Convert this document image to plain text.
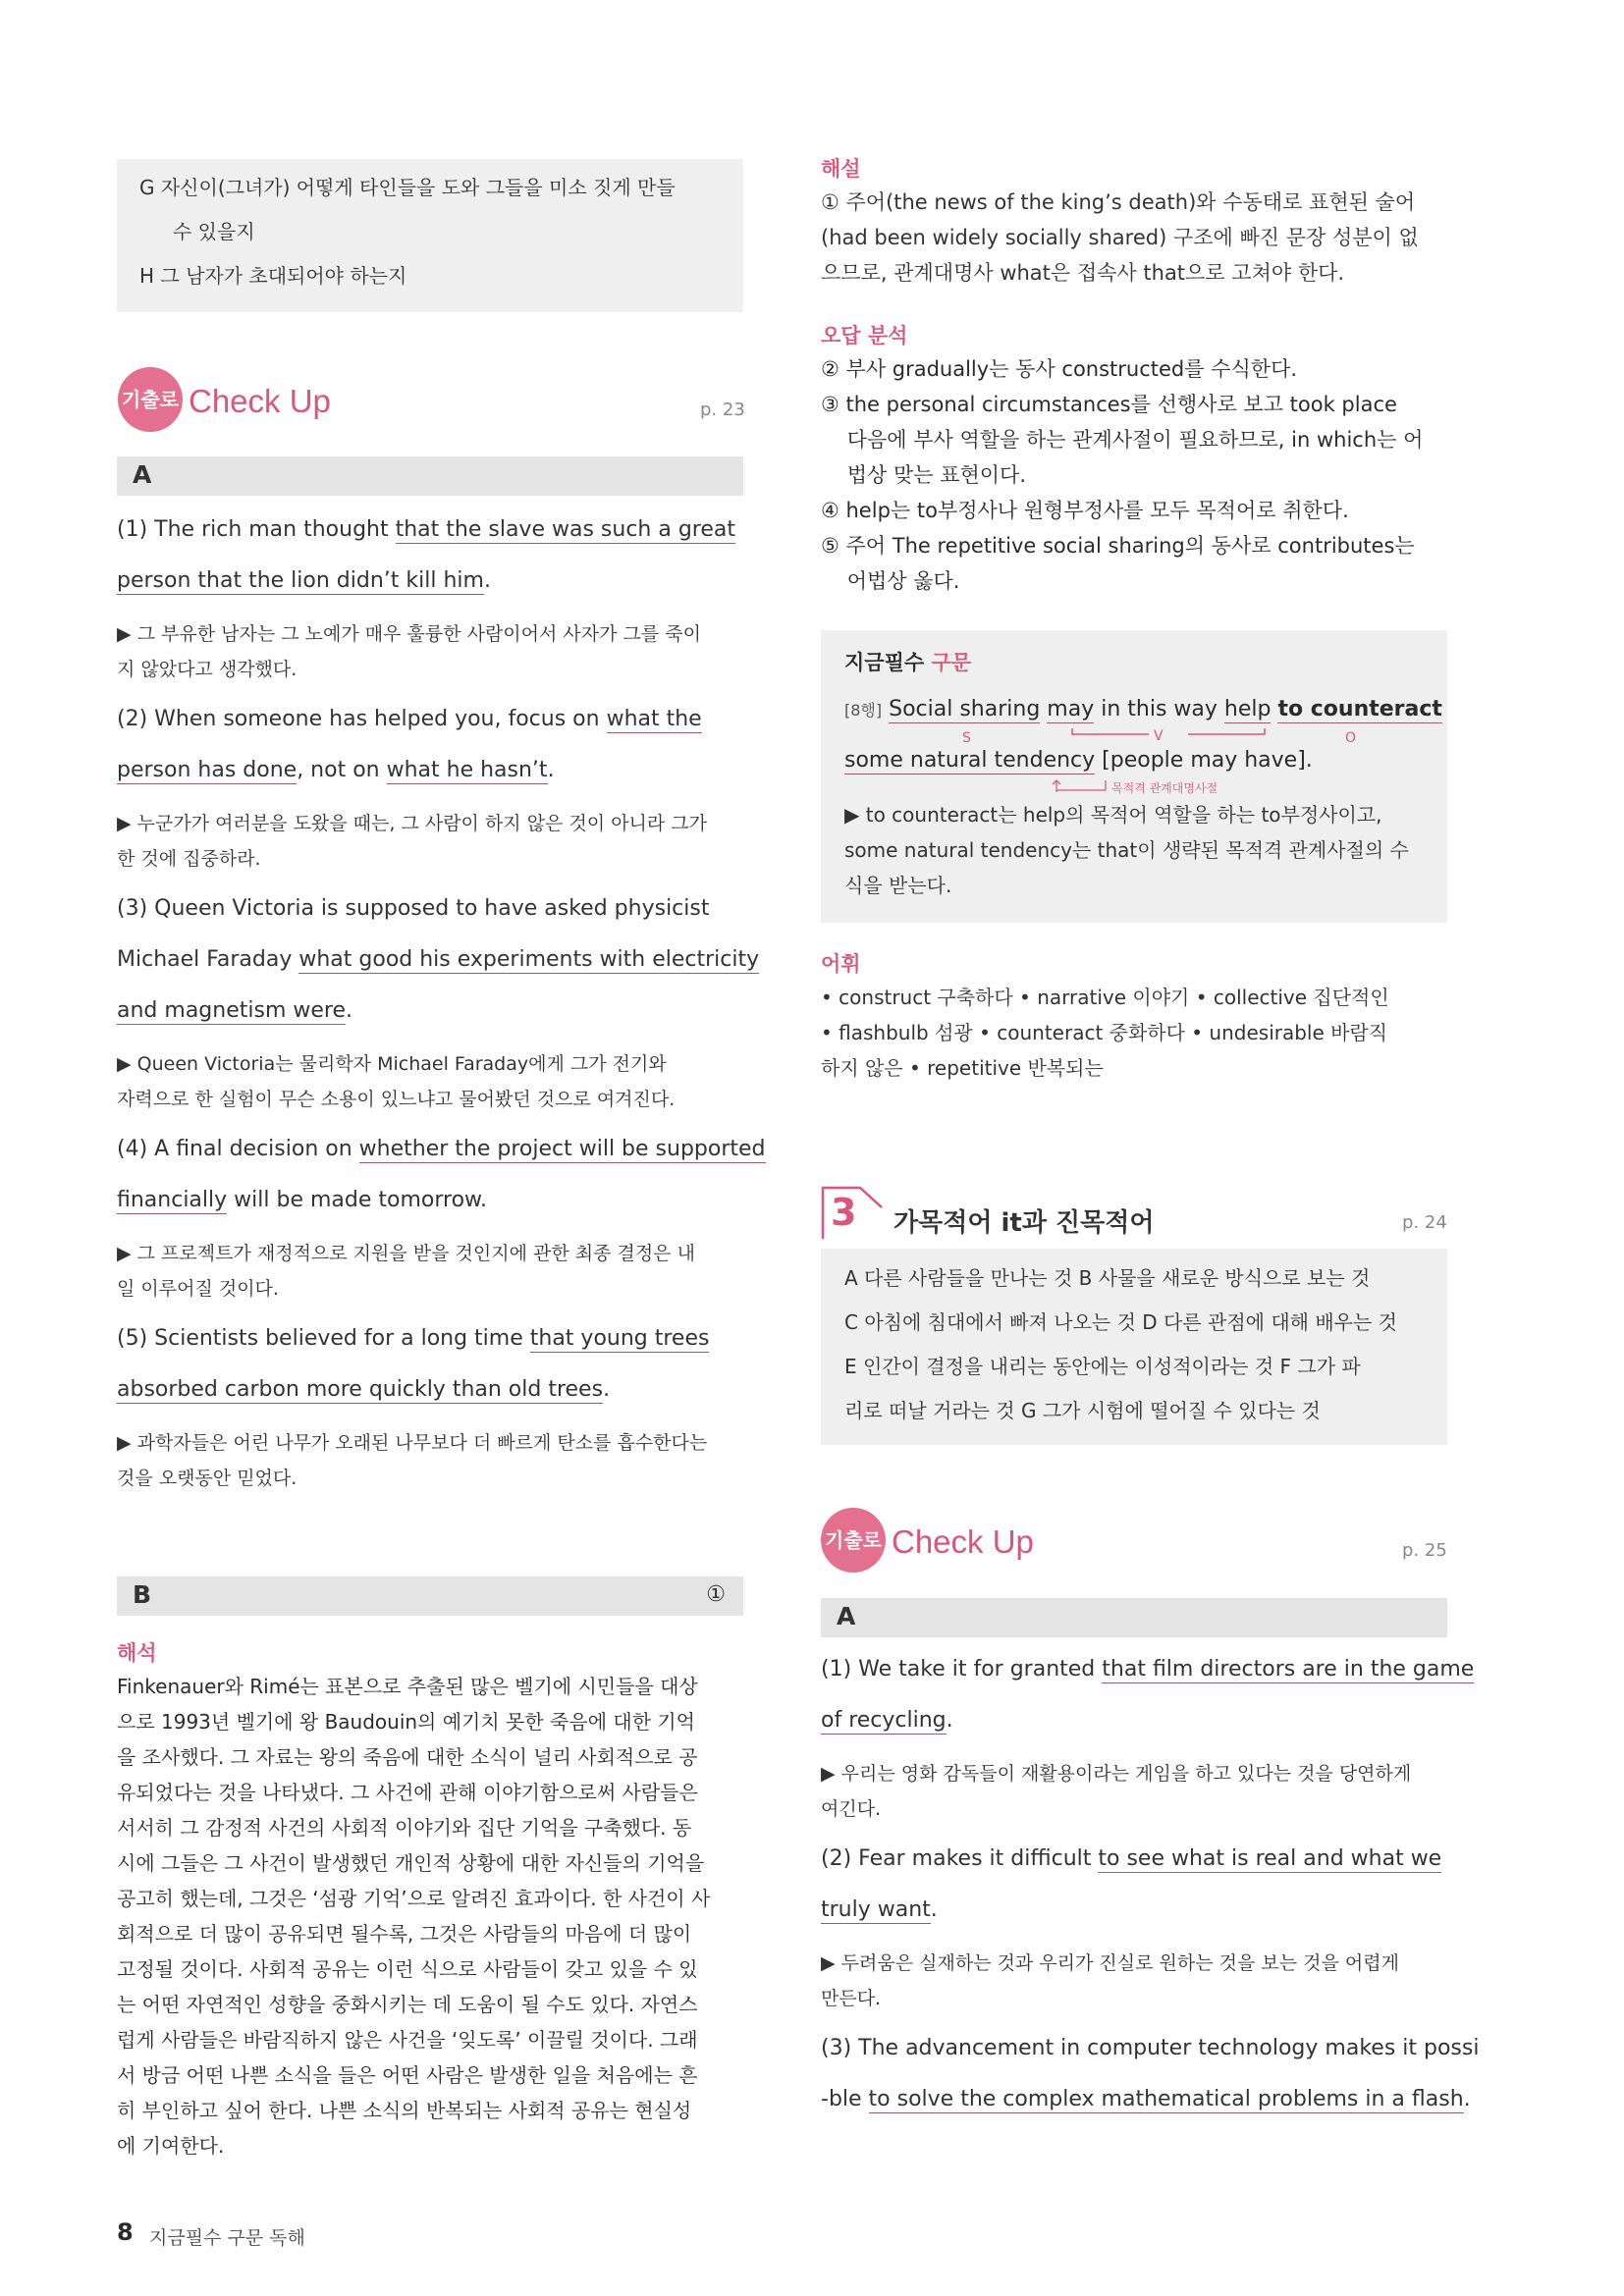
G 자신이(그녀가) 어떻게 타인들을 도와 그들을 미소 짓게 만들
수 있을지
H 그 남자가 초대되어야 하는지
기출로 Check Up	p. 23
A
(1) The rich man thought that the slave was such a great
person that the lion didn’t kill him.
▶ 그 부유한 남자는 그 노예가 매우 훌륭한 사람이어서 사자가 그를 죽이
지 않았다고 생각했다.
(2) When someone has helped you, focus on what the
person has done, not on what he hasn’t.
▶ 누군가가 여러분을 도왔을 때는, 그 사람이 하지 않은 것이 아니라 그가
한 것에 집중하라.
(3) Queen Victoria is supposed to have asked physicist
Michael Faraday what good his experiments with electricity
and magnetism were.
▶ Queen Victoria는 물리학자 Michael Faraday에게 그가 전기와
자력으로 한 실험이 무슨 소용이 있느냐고 물어봤던 것으로 여겨진다.
(4) A final decision on whether the project will be supported
financially will be made tomorrow.
▶ 그 프로젝트가 재정적으로 지원을 받을 것인지에 관한 최종 결정은 내
일 이루어질 것이다.
(5) Scientists believed for a long time that young trees
absorbed carbon more quickly than old trees.
▶ 과학자들은 어린 나무가 오래된 나무보다 더 빠르게 탄소를 흡수한다는
것을 오랫동안 믿었다.
B	①
해석
Finkenauer와 Rimé는 표본으로 추출된 많은 벨기에 시민들을 대상
으로 1993년 벨기에 왕 Baudouin의 예기치 못한 죽음에 대한 기억
을 조사했다. 그 자료는 왕의 죽음에 대한 소식이 널리 사회적으로 공
유되었다는 것을 나타냈다. 그 사건에 관해 이야기함으로써 사람들은
서서히 그 감정적 사건의 사회적 이야기와 집단 기억을 구축했다. 동
시에 그들은 그 사건이 발생했던 개인적 상황에 대한 자신들의 기억을
공고히 했는데, 그것은 ‘섬광 기억’으로 알려진 효과이다. 한 사건이 사
회적으로 더 많이 공유되면 될수록, 그것은 사람들의 마음에 더 많이
고정될 것이다. 사회적 공유는 이런 식으로 사람들이 갖고 있을 수 있
는 어떤 자연적인 성향을 중화시키는 데 도움이 될 수도 있다. 자연스
럽게 사람들은 바람직하지 않은 사건을 ‘잊도록’ 이끌릴 것이다. 그래
서 방금 어떤 나쁜 소식을 들은 어떤 사람은 발생한 일을 처음에는 흔
히 부인하고 싶어 한다. 나쁜 소식의 반복되는 사회적 공유는 현실성
에 기여한다.
8 지금필수 구문 독해
해설
① 주어(the news of the king’s death)와 수동태로 표현된 술어
(had been widely socially shared) 구조에 빠진 문장 성분이 없
으므로, 관계대명사 what은 접속사 that으로 고쳐야 한다.
오답 분석
② 부사 gradually는 동사 constructed를 수식한다.
③ the personal circumstances를 선행사로 보고 took place
다음에 부사 역할을 하는 관계사절이 필요하므로, in which는 어
법상 맞는 표현이다.
④ help는 to부정사나 원형부정사를 모두 목적어로 취한다.
⑤ 주어 The repetitive social sharing의 동사로 contributes는
어법상 옳다.
지금필수 구문
[8행] Social sharing may in this way help to counteract
S	V	O
some natural tendency [people may have].
목적격 관계대명사절
▶ to counteract는 help의 목적어 역할을 하는 to부정사이고,
some natural tendency는 that이 생략된 목적격 관계사절의 수
식을 받는다.
어휘
• construct 구축하다 • narrative 이야기 • collective 집단적인
• flashbulb 섬광 • counteract 중화하다 • undesirable 바람직
하지 않은 • repetitive 반복되는
3 가목적어 it과 진목적어	p. 24
A 다른 사람들을 만나는 것 B 사물을 새로운 방식으로 보는 것
C 아침에 침대에서 빠져 나오는 것 D 다른 관점에 대해 배우는 것
E 인간이 결정을 내리는 동안에는 이성적이라는 것 F 그가 파
리로 떠날 거라는 것 G 그가 시험에 떨어질 수 있다는 것
기출로 Check Up	p. 25
A
(1) We take it for granted that film directors are in the game
of recycling.
▶ 우리는 영화 감독들이 재활용이라는 게임을 하고 있다는 것을 당연하게
여긴다.
(2) Fear makes it difficult to see what is real and what we
truly want.
▶ 두려움은 실재하는 것과 우리가 진실로 원하는 것을 보는 것을 어렵게
만든다.
(3) The advancement in computer technology makes it possi
-ble to solve the complex mathematical problems in a flash.
